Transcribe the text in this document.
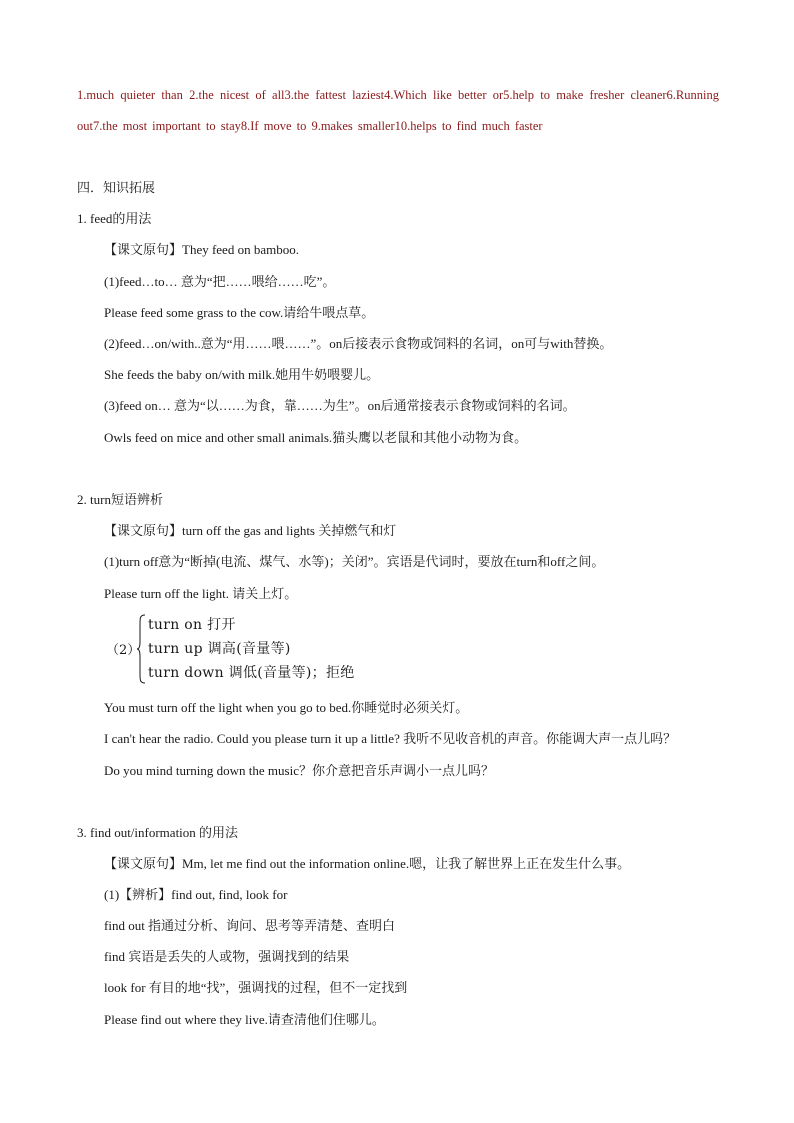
1.much quieter than 2.the nicest of all3.the fattest laziest4.Which like better or5.help to make fresher cleaner6.Running out7.the most important to stay8.If move to 9.makes smaller10.helps to find much faster
四．知识拓展
1. feed的用法
【课文原句】They feed on bamboo.
(1)feed…to… 意为“把……喂给……吃”。
Please feed some grass to the cow.请给牛喂点草。
(2)feed…on/with..意为“用……喂……”。on后接表示食物或饲料的名词，on可与with替换。
She feeds the baby on/with milk.她用牛奶喂婴儿。
(3)feed on… 意为“以……为食，靠……为生”。on后通常接表示食物或饲料的名词。
Owls feed on mice and other small animals.猫头鹰以老鼠和其他小动物为食。
2. turn短语辨析
【课文原句】turn off the gas and lights 关掉燃气和灯
(1)turn off意为“断掉(电流、煤气、水等)；关闭”。宾语是代词时，要放在turn和off之间。
Please turn off the light. 请关上灯。
（2）
turn on 打开
turn up 调高(音量等)
turn down 调低(音量等)；拒绝
You must turn off the light when you go to bed.你睡觉时必须关灯。
I can't hear the radio. Could you please turn it up a little? 我听不见收音机的声音。你能调大声一点儿吗？
Do you mind turning down the music？你介意把音乐声调小一点儿吗？
3. find out/information 的用法
【课文原句】Mm, let me find out the information online.嗯，让我了解世界上正在发生什么事。
(1)【辨析】find out, find, look for
find out 指通过分析、询问、思考等弄清楚、查明白
find 宾语是丢失的人或物，强调找到的结果
look for 有目的地“找”，强调找的过程，但不一定找到
Please find out where they live.请查清他们住哪儿。
